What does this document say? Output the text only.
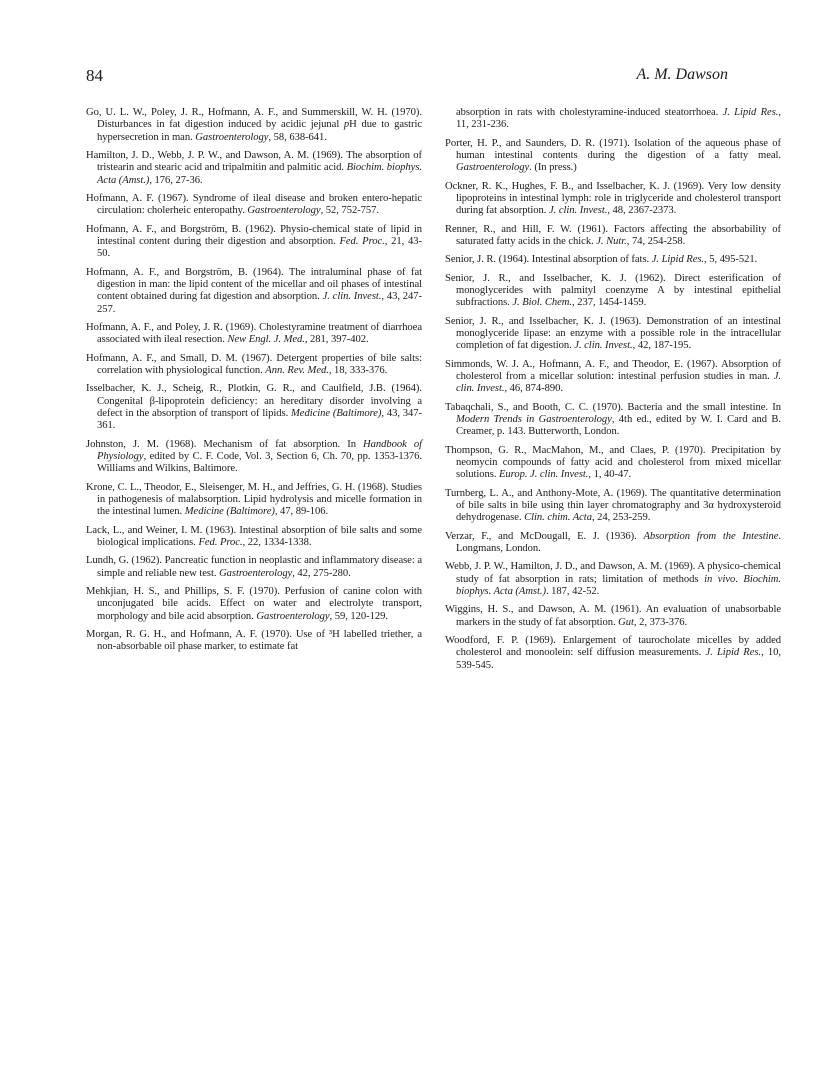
84	A. M. Dawson

Go, U. L. W., Poley, J. R., Hofmann, A. F., and Summerskill, W. H. (1970). Disturbances in fat digestion induced by acidic jejunal pH due to gastric hypersecretion in man. Gastroenterology, 58, 638-641.

Hamilton, J. D., Webb, J. P. W., and Dawson, A. M. (1969). The absorption of tristearin and stearic acid and tripalmitin and palmitic acid. Biochim. biophys. Acta (Amst.), 176, 27-36.

Hofmann, A. F. (1967). Syndrome of ileal disease and broken entero-hepatic circulation: cholerheic enteropathy. Gastroenterology, 52, 752-757.

Hofmann, A. F., and Borgström, B. (1962). Physio-chemical state of lipid in intestinal content during their digestion and absorption. Fed. Proc., 21, 43-50.

Hofmann, A. F., and Borgström, B. (1964). The intraluminal phase of fat digestion in man: the lipid content of the micellar and oil phases of intestinal content obtained during fat digestion and absorption. J. clin. Invest., 43, 247-257.

Hofmann, A. F., and Poley, J. R. (1969). Cholestyramine treatment of diarrhoea associated with ileal resection. New Engl. J. Med., 281, 397-402.

Hofmann, A. F., and Small, D. M. (1967). Detergent properties of bile salts: correlation with physiological function. Ann. Rev. Med., 18, 333-376.

Isselbacher, K. J., Scheig, R., Plotkin, G. R., and Caulfield, J.B. (1964). Congenital β-lipoprotein deficiency: an hereditary disorder involving a defect in the absorption of transport of lipids. Medicine (Baltimore), 43, 347-361.

Johnston, J. M. (1968). Mechanism of fat absorption. In Handbook of Physiology, edited by C. F. Code, Vol. 3, Section 6, Ch. 70, pp. 1353-1376. Williams and Wilkins, Baltimore.

Krone, C. L., Theodor, E., Sleisenger, M. H., and Jeffries, G. H. (1968). Studies in pathogenesis of malabsorption. Lipid hydrolysis and micelle formation in the intestinal lumen. Medicine (Baltimore), 47, 89-106.

Lack, L., and Weiner, I. M. (1963). Intestinal absorption of bile salts and some biological implications. Fed. Proc., 22, 1334-1338.

Lundh, G. (1962). Pancreatic function in neoplastic and inflammatory disease: a simple and reliable new test. Gastroenterology, 42, 275-280.

Mehkjian, H. S., and Phillips, S. F. (1970). Perfusion of canine colon with unconjugated bile acids. Effect on water and electrolyte transport, morphology and bile acid absorption. Gastroenterology, 59, 120-129.

Morgan, R. G. H., and Hofmann, A. F. (1970). Use of ³H labelled triether, a non-absorbable oil phase marker, to estimate fat

absorption in rats with cholestyramine-induced steatorrhoea. J. Lipid Res., 11, 231-236.

Porter, H. P., and Saunders, D. R. (1971). Isolation of the aqueous phase of human intestinal contents during the digestion of a fatty meal. Gastroenterology. (In press.)

Ockner, R. K., Hughes, F. B., and Isselbacher, K. J. (1969). Very low density lipoproteins in intestinal lymph: role in triglyceride and cholesterol transport during fat absorption. J. clin. Invest., 48, 2367-2373.

Renner, R., and Hill, F. W. (1961). Factors affecting the absorbability of saturated fatty acids in the chick. J. Nutr., 74, 254-258.

Senior, J. R. (1964). Intestinal absorption of fats. J. Lipid Res., 5, 495-521.

Senior, J. R., and Isselbacher, K. J. (1962). Direct esterification of monoglycerides with palmityl coenzyme A by intestinal epithelial subfractions. J. Biol. Chem., 237, 1454-1459.

Senior, J. R., and Isselbacher, K. J. (1963). Demonstration of an intestinal monoglyceride lipase: an enzyme with a possible role in the intracellular completion of fat digestion. J. clin. Invest., 42, 187-195.

Simmonds, W. J. A., Hofmann, A. F., and Theodor, E. (1967). Absorption of cholesterol from a micellar solution: intestinal perfusion studies in man. J. clin. Invest., 46, 874-890.

Tabaqchali, S., and Booth, C. C. (1970). Bacteria and the small intestine. In Modern Trends in Gastroenterology, 4th ed., edited by W. I. Card and B. Creamer, p. 143. Butterworth, London.

Thompson, G. R., MacMahon, M., and Claes, P. (1970). Precipitation by neomycin compounds of fatty acid and cholesterol from mixed micellar solutions. Europ. J. clin. Invest., 1, 40-47.

Turnberg, L. A., and Anthony-Mote, A. (1969). The quantitative determination of bile salts in bile using thin layer chromatography and 3α hydroxysteroid dehydrogenase. Clin. chim. Acta, 24, 253-259.

Verzar, F., and McDougall, E. J. (1936). Absorption from the Intestine. Longmans, London.

Webb, J. P. W., Hamilton, J. D., and Dawson, A. M. (1969). A physico-chemical study of fat absorption in rats; limitation of methods in vivo. Biochim. biophys. Acta (Amst.). 187, 42-52.

Wiggins, H. S., and Dawson, A. M. (1961). An evaluation of unabsorbable markers in the study of fat absorption. Gut, 2, 373-376.

Woodford, F. P. (1969). Enlargement of taurocholate micelles by added cholesterol and monoolein: self diffusion measurements. J. Lipid Res., 10, 539-545.
